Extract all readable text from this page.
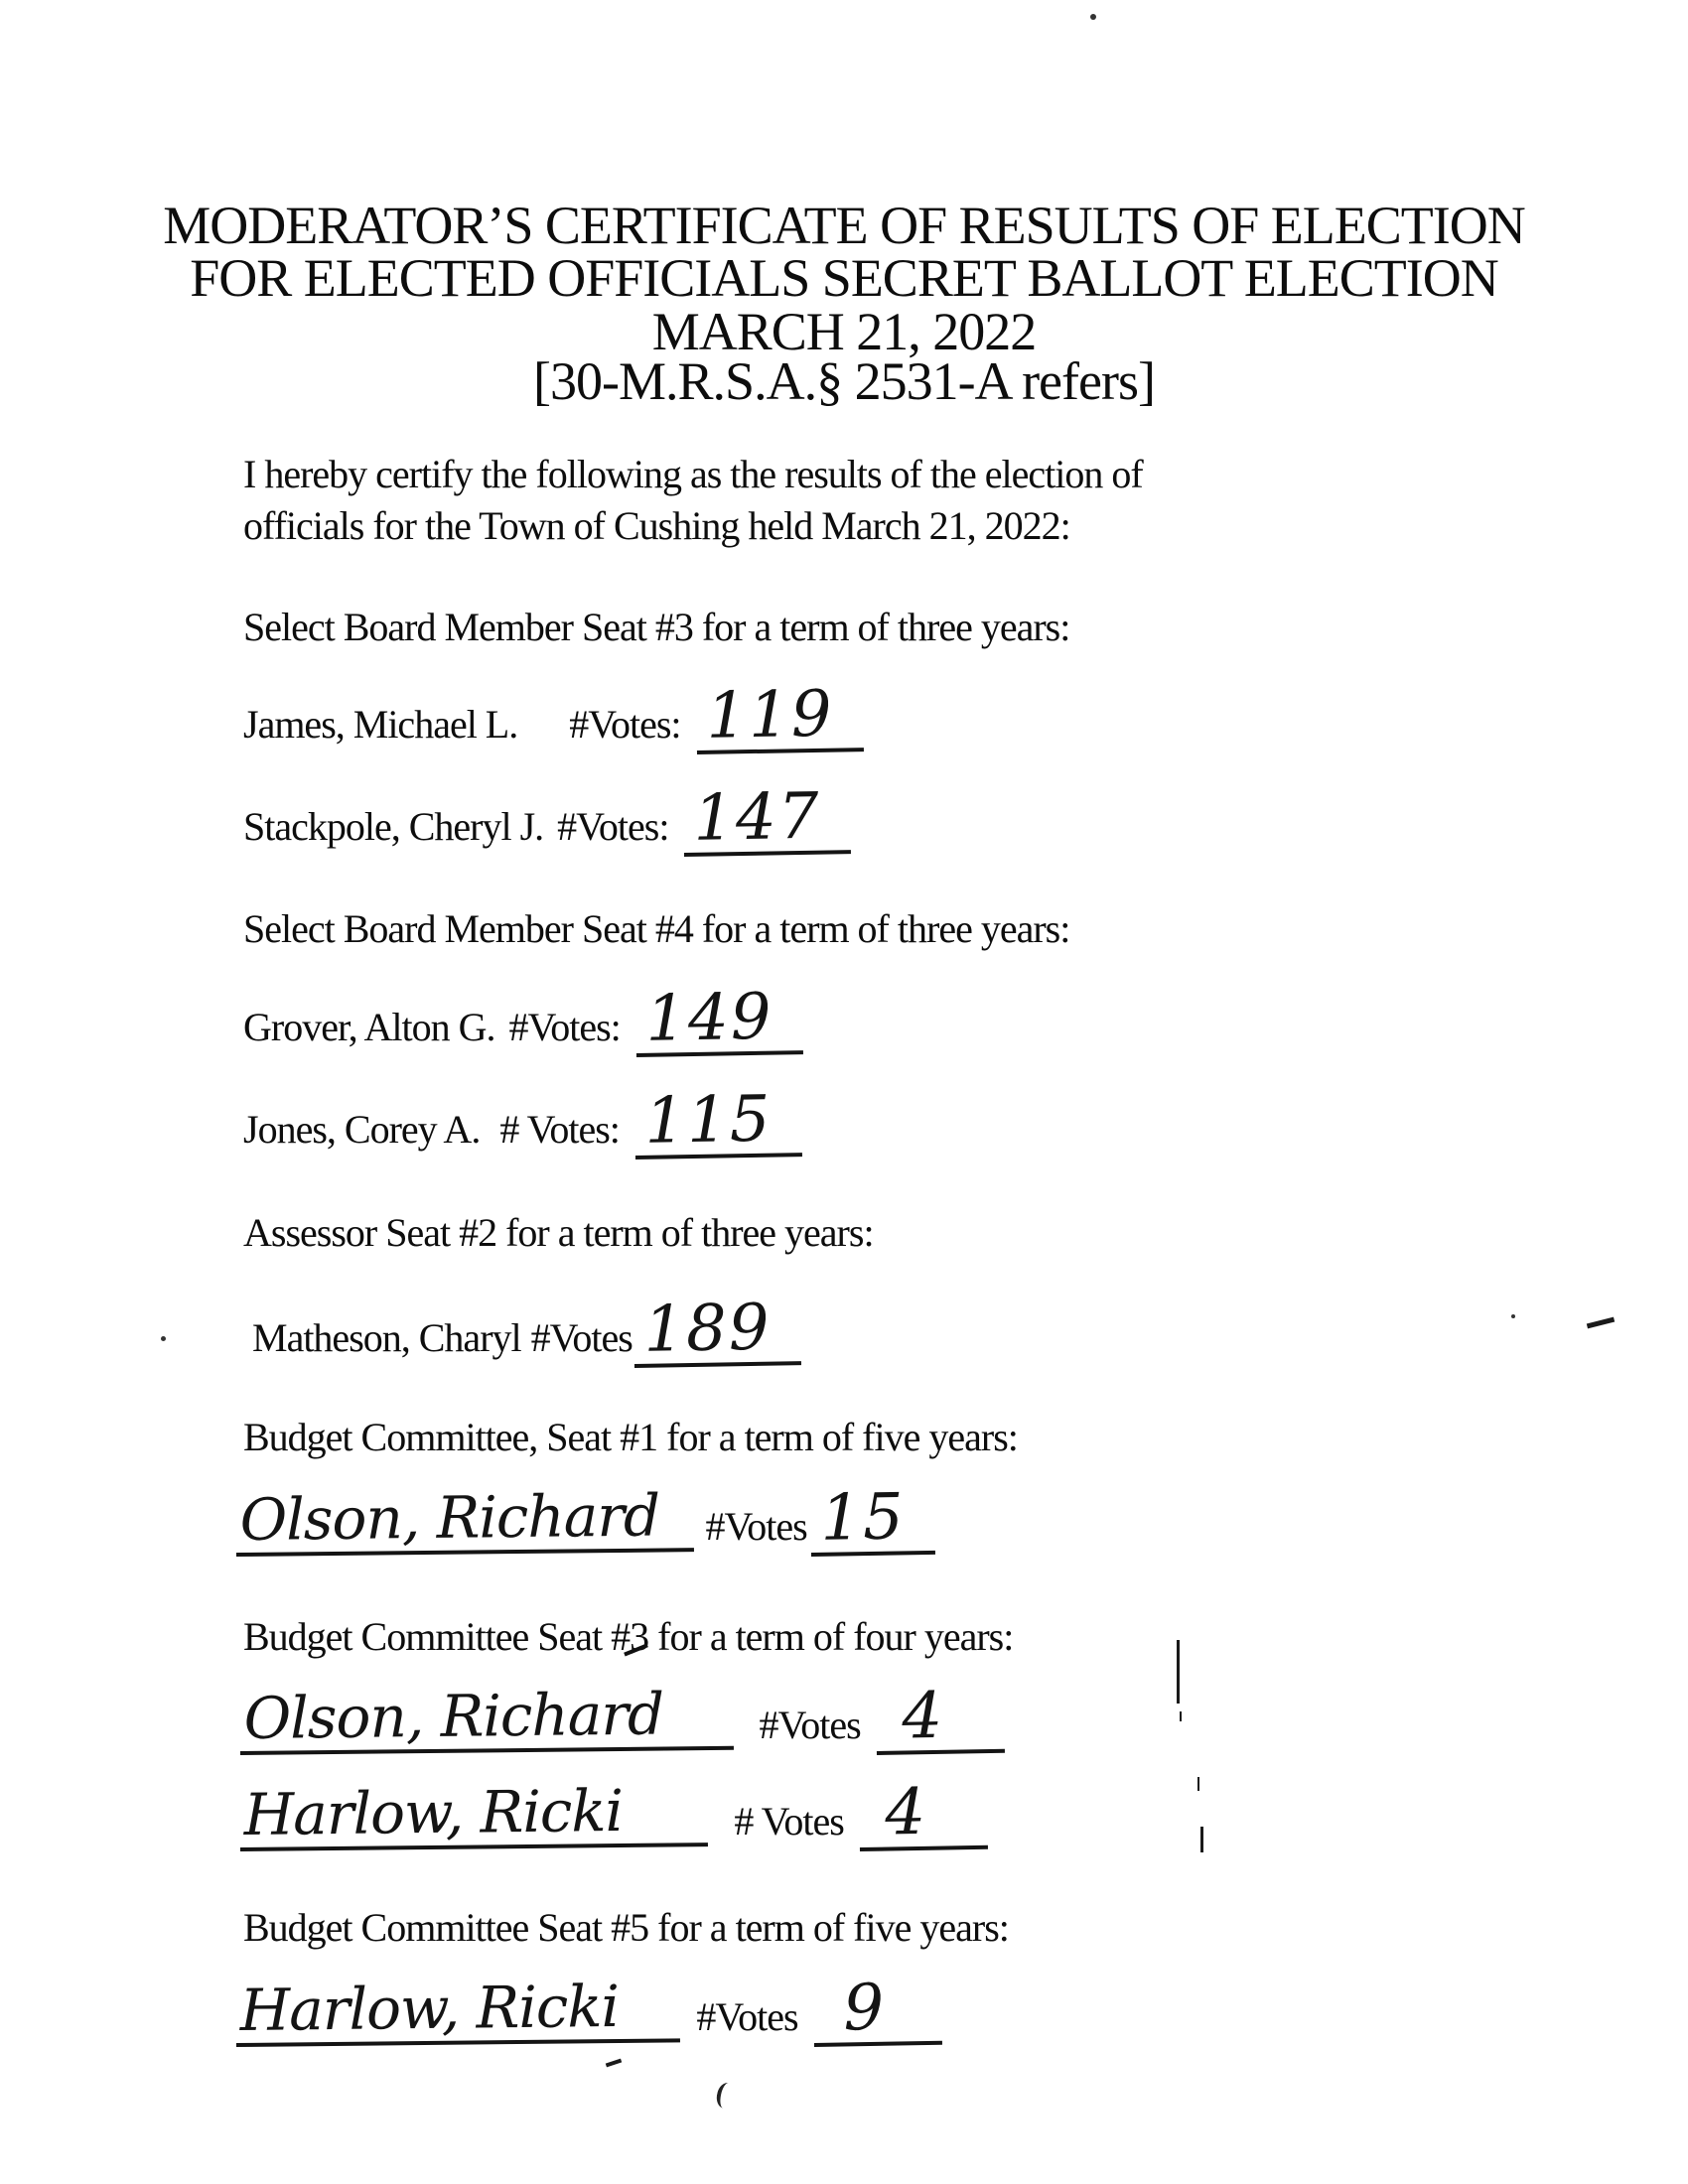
MODERATOR’S CERTIFICATE OF RESULTS OF ELECTION
FOR ELECTED OFFICIALS SECRET BALLOT ELECTION
MARCH 21, 2022
[30-M.R.S.A.§ 2531-A refers]
I hereby certify the following as the results of the election of
officials for the Town of Cushing held March 21, 2022:
Select Board Member Seat #3 for a term of three years:
James, Michael L. #Votes: 119
Stackpole, Cheryl J. #Votes: 147
Select Board Member Seat #4 for a term of three years:
Grover, Alton G. #Votes: 149
Jones, Corey A. # Votes: 115
Assessor Seat #2 for a term of three years:
Matheson, Charyl #Votes 189
Budget Committee, Seat #1 for a term of five years:
Olson, Richard	#Votes 15
Budget Committee Seat #3 for a term of four years:
Olson, Richard	#Votes 4
Harlow, Ricki	# Votes 4
Budget Committee Seat #5 for a term of five years:
Harlow, Ricki	#Votes 9
